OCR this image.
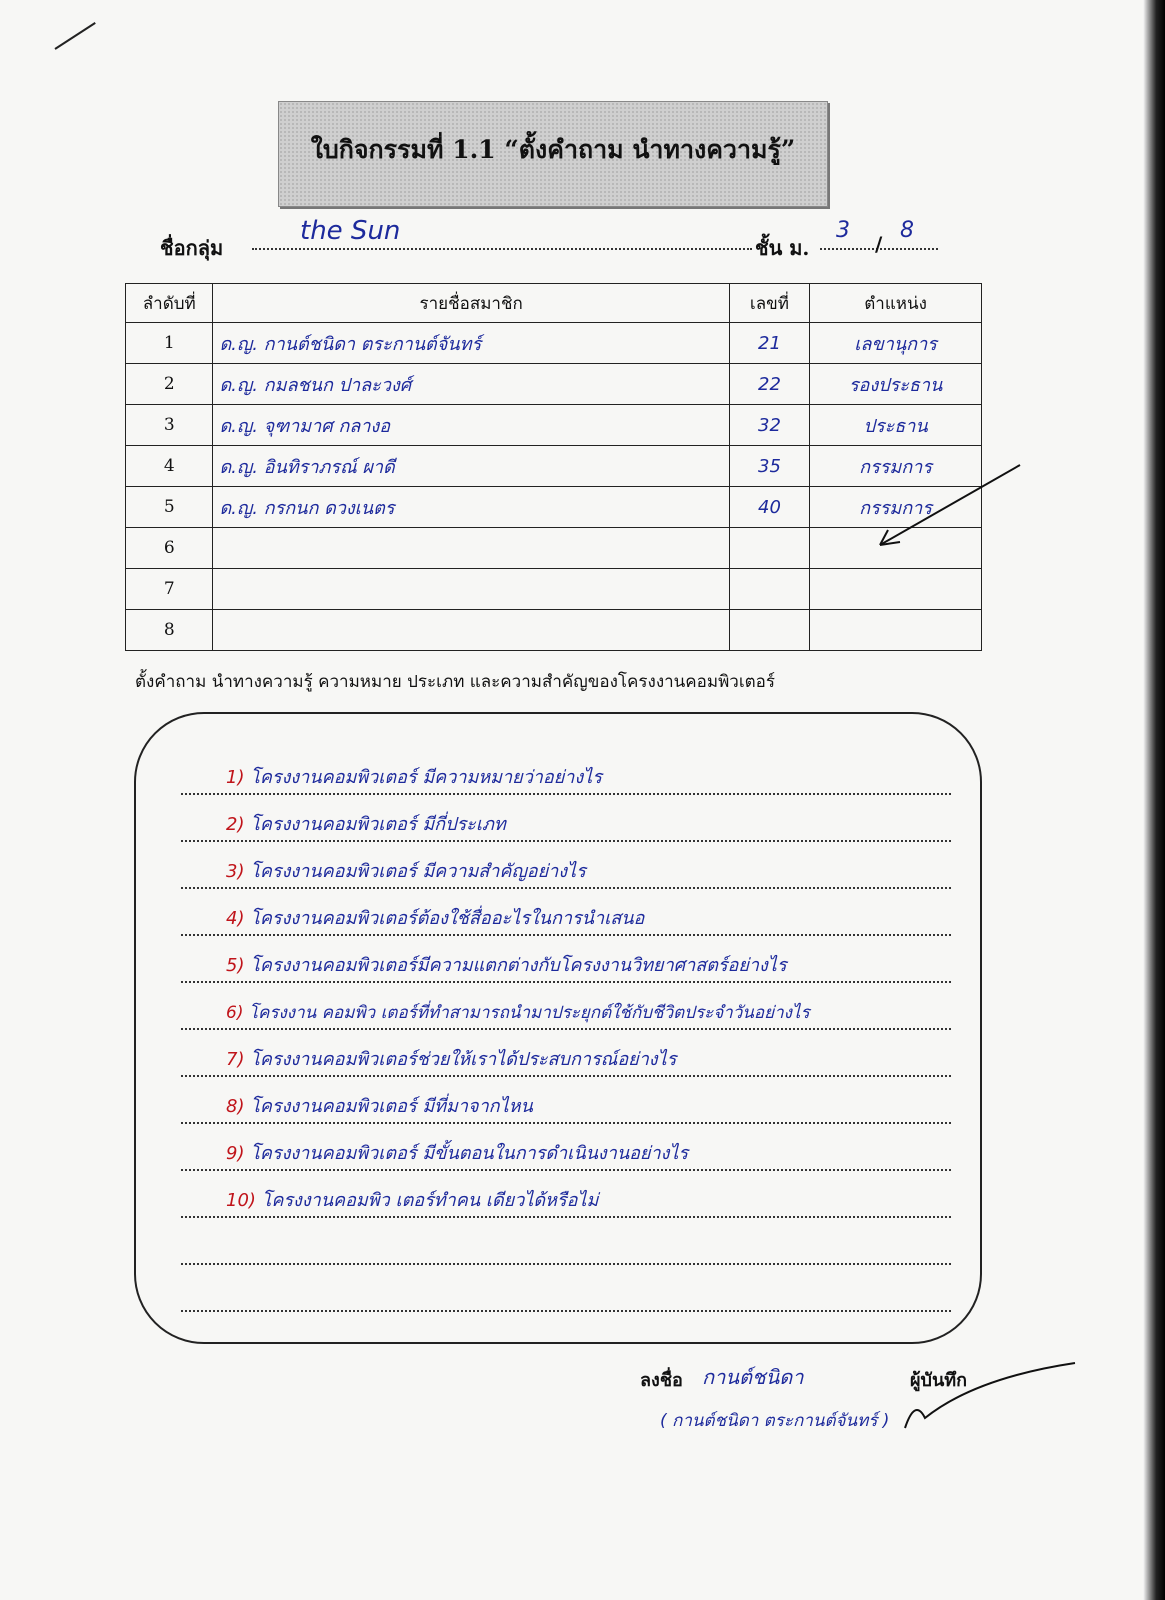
ใบกิจกรรมที่ 1.1 “ตั้งคำถาม นำทางความรู้”
ชื่อกลุ่ม
the Sun
ชั้น ม.
3
/
8
ลำดับที่	รายชื่อสมาชิก	เลขที่	ตำแหน่ง
1	ด.ญ. กานต์ชนิดา ตระกานต์จันทร์	21	เลขานุการ
2	ด.ญ. กมลชนก ปาละวงศ์	22	รองประธาน
3	ด.ญ. จุฑามาศ กลางอ	32	ประธาน
4	ด.ญ. อินทิราภรณ์ ผาดี	35	กรรมการ
5	ด.ญ. กรกนก ดวงเนตร	40	กรรมการ
6			
7			
8			
ตั้งคำถาม นำทางความรู้ ความหมาย ประเภท และความสำคัญของโครงงานคอมพิวเตอร์
1) โครงงานคอมพิวเตอร์ มีความหมายว่าอย่างไร
2) โครงงานคอมพิวเตอร์ มีกี่ประเภท
3) โครงงานคอมพิวเตอร์ มีความสำคัญอย่างไร
4) โครงงานคอมพิวเตอร์ต้องใช้สื่ออะไรในการนำเสนอ
5) โครงงานคอมพิวเตอร์มีความแตกต่างกับโครงงานวิทยาศาสตร์อย่างไร
6) โครงงาน คอมพิว เตอร์ที่ทำสามารถนำมาประยุกต์ใช้กับชีวิตประจำวันอย่างไร
7) โครงงานคอมพิวเตอร์ช่วยให้เราได้ประสบการณ์อย่างไร
8) โครงงานคอมพิวเตอร์ มีที่มาจากไหน
9) โครงงานคอมพิวเตอร์ มีขั้นตอนในการดำเนินงานอย่างไร
10) โครงงานคอมพิว เตอร์ทำคน เดียวได้หรือไม่
ลงชื่อ กานต์ชนิดา	ผู้บันทึก
( กานต์ชนิดา ตระกานต์จันทร์ )
